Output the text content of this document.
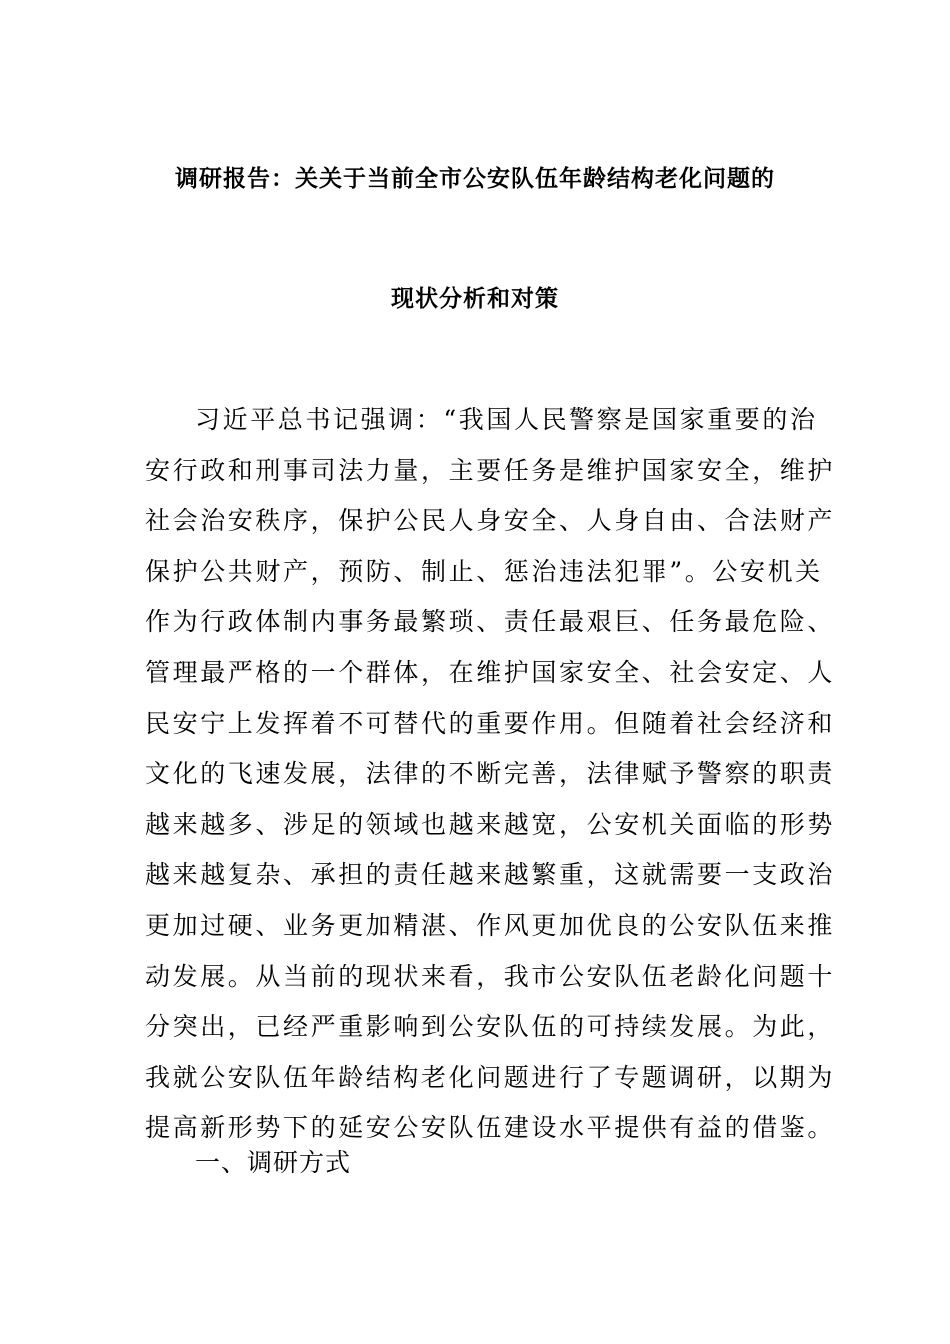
调研报告：关关于当前全市公安队伍年龄结构老化问题的
现状分析和对策
习近平总书记强调：“我国人民警察是国家重要的治
安行政和刑事司法力量，主要任务是维护国家安全，维护
社会治安秩序，保护公民人身安全、人身自由、合法财产
保护公共财产，预防、制止、惩治违法犯罪”。公安机关
作为行政体制内事务最繁琐、责任最艰巨、任务最危险、
管理最严格的一个群体，在维护国家安全、社会安定、人
民安宁上发挥着不可替代的重要作用。但随着社会经济和
文化的飞速发展，法律的不断完善，法律赋予警察的职责
越来越多、涉足的领域也越来越宽，公安机关面临的形势
越来越复杂、承担的责任越来越繁重，这就需要一支政治
更加过硬、业务更加精湛、作风更加优良的公安队伍来推
动发展。从当前的现状来看，我市公安队伍老龄化问题十
分突出，已经严重影响到公安队伍的可持续发展。为此，
我就公安队伍年龄结构老化问题进行了专题调研，以期为
提高新形势下的延安公安队伍建设水平提供有益的借鉴。
一、调研方式
